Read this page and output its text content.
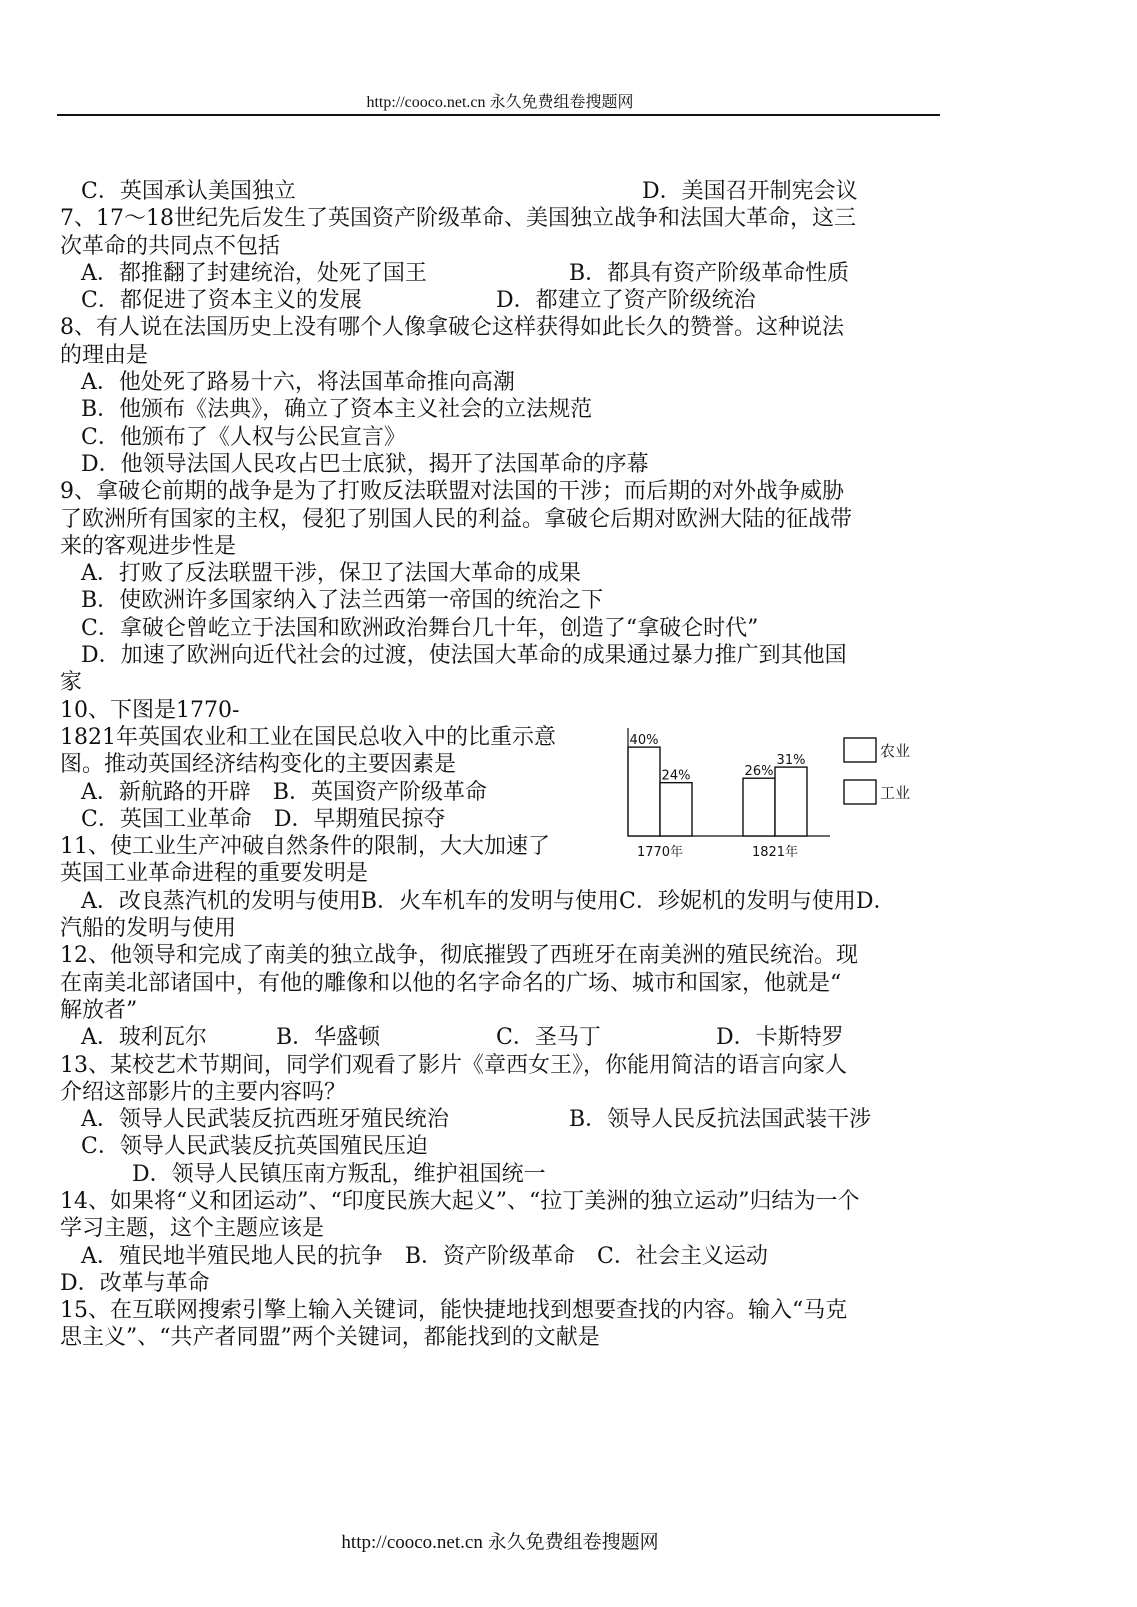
http://cooco.net.cn 永久免费组卷搜题网
C．英国承认美国独立	D．美国召开制宪会议
7、17～18世纪先后发生了英国资产阶级革命、美国独立战争和法国大革命，这三
次革命的共同点不包括
A．都推翻了封建统治，处死了国王	B．都具有资产阶级革命性质
C．都促进了资本主义的发展	D．都建立了资产阶级统治
8、有人说在法国历史上没有哪个人像拿破仑这样获得如此长久的赞誉。这种说法
的理由是
A．他处死了路易十六，将法国革命推向高潮
B．他颁布《法典》，确立了资本主义社会的立法规范
C．他颁布了《人权与公民宣言》
D．他领导法国人民攻占巴士底狱，揭开了法国革命的序幕
9、拿破仑前期的战争是为了打败反法联盟对法国的干涉；而后期的对外战争威胁
了欧洲所有国家的主权，侵犯了别国人民的利益。拿破仑后期对欧洲大陆的征战带
来的客观进步性是
A．打败了反法联盟干涉，保卫了法国大革命的成果
B．使欧洲许多国家纳入了法兰西第一帝国的统治之下
C．拿破仑曾屹立于法国和欧洲政治舞台几十年，创造了“拿破仑时代”
D．加速了欧洲向近代社会的过渡，使法国大革命的成果通过暴力推广到其他国
家
10、下图是1770-
1821年英国农业和工业在国民总收入中的比重示意
图。推动英国经济结构变化的主要因素是
A．新航路的开辟　B．英国资产阶级革命
C．英国工业革命　D．早期殖民掠夺
11、使工业生产冲破自然条件的限制，大大加速了
40%
24%
1770年
26%
31%
1821年
农业
工业
英国工业革命进程的重要发明是
A．改良蒸汽机的发明与使用B．火车机车的发明与使用C．珍妮机的发明与使用D．
汽船的发明与使用
12、他领导和完成了南美的独立战争，彻底摧毁了西班牙在南美洲的殖民统治。现
在南美北部诸国中，有他的雕像和以他的名字命名的广场、城市和国家，他就是“
解放者”
A．玻利瓦尔	B．华盛顿	C．圣马丁	D．卡斯特罗
13、某校艺术节期间，同学们观看了影片《章西女王》，你能用简洁的语言向家人
介绍这部影片的主要内容吗？
A．领导人民武装反抗西班牙殖民统治	B．领导人民反抗法国武装干涉
C．领导人民武装反抗英国殖民压迫
D．领导人民镇压南方叛乱，维护祖国统一
14、如果将“义和团运动”、“印度民族大起义”、“拉丁美洲的独立运动”归结为一个
学习主题，这个主题应该是
A．殖民地半殖民地人民的抗争　B．资产阶级革命　C．社会主义运动
D．改革与革命
15、在互联网搜索引擎上输入关键词，能快捷地找到想要查找的内容。输入“马克
思主义”、“共产者同盟”两个关键词，都能找到的文献是
http://cooco.net.cn 永久免费组卷搜题网
